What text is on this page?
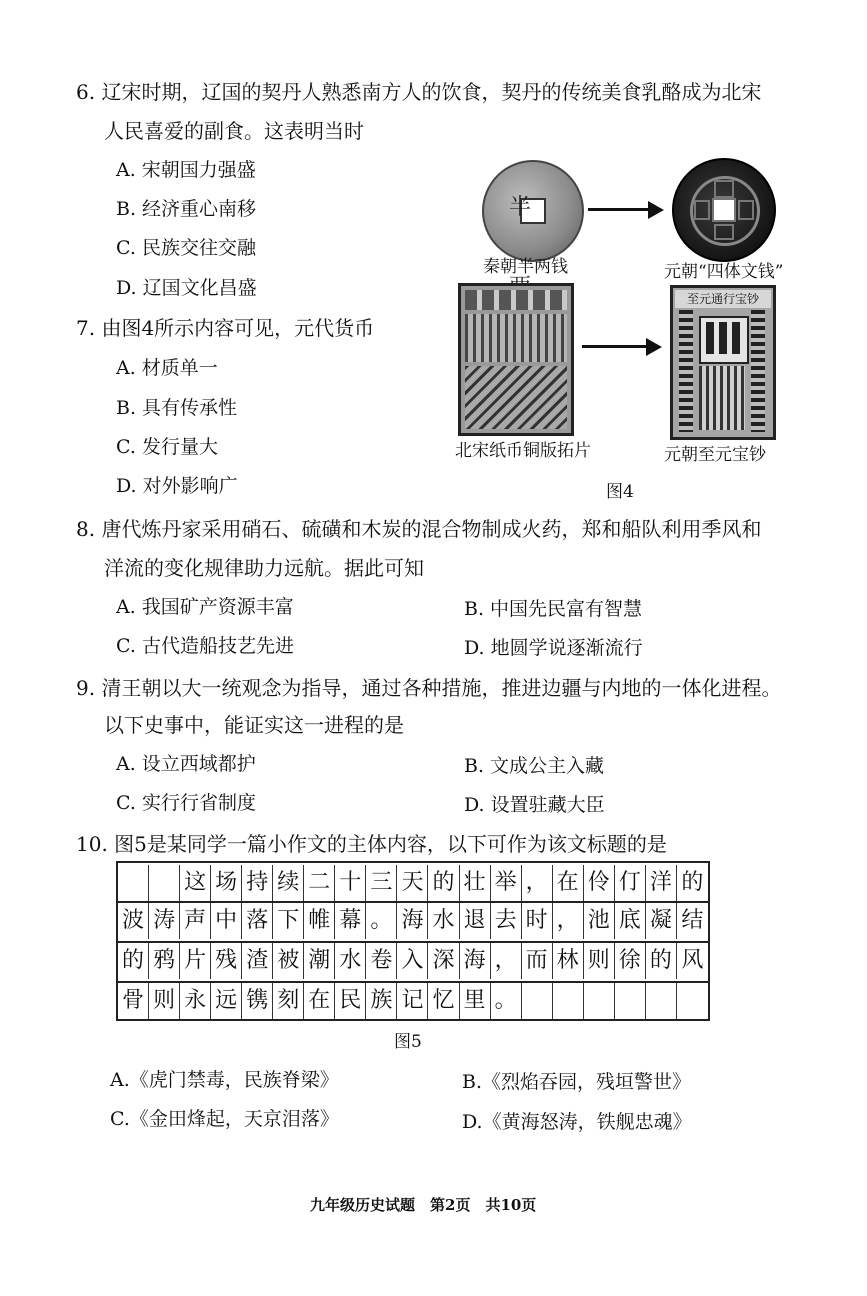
6. 辽宋时期，辽国的契丹人熟悉南方人的饮食，契丹的传统美食乳酪成为北宋
人民喜爱的副食。这表明当时
A. 宋朝国力强盛
B. 经济重心南移
C. 民族交往交融
D. 辽国文化昌盛
7. 由图4所示内容可见，元代货币
A. 材质单一
B. 具有传承性
C. 发行量大
D. 对外影响广
半
秦朝半两钱	元朝“四体文钱”
北宋纸币铜版拓片
至元通行宝钞
元朝至元宝钞
图4
8. 唐代炼丹家采用硝石、硫磺和木炭的混合物制成火药，郑和船队利用季风和
洋流的变化规律助力远航。据此可知
A. 我国矿产资源丰富	B. 中国先民富有智慧
C. 古代造船技艺先进	D. 地圆学说逐渐流行
9. 清王朝以大一统观念为指导，通过各种措施，推进边疆与内地的一体化进程。
以下史事中，能证实这一进程的是
A. 设立西域都护	B. 文成公主入藏
C. 实行行省制度	D. 设置驻藏大臣
10. 图5是某同学一篇小作文的主体内容，以下可作为该文标题的是
这 场 持 续 二 十 三 天 的 壮 举 ， 在 伶 仃 洋 的
波 涛 声 中 落 下 帷 幕 。 海 水 退 去 时 ， 池 底 凝 结
的 鸦 片 残 渣 被 潮 水 卷 入 深 海 ， 而 林 则 徐 的 风
骨 则 永 远 镌 刻 在 民 族 记 忆 里 。
图5
A.《虎门禁毒，民族脊梁》	B.《烈焰吞园，残垣警世》
C.《金田烽起，天京泪落》	D.《黄海怒涛，铁舰忠魂》
九年级历史试题　第2页　共10页
